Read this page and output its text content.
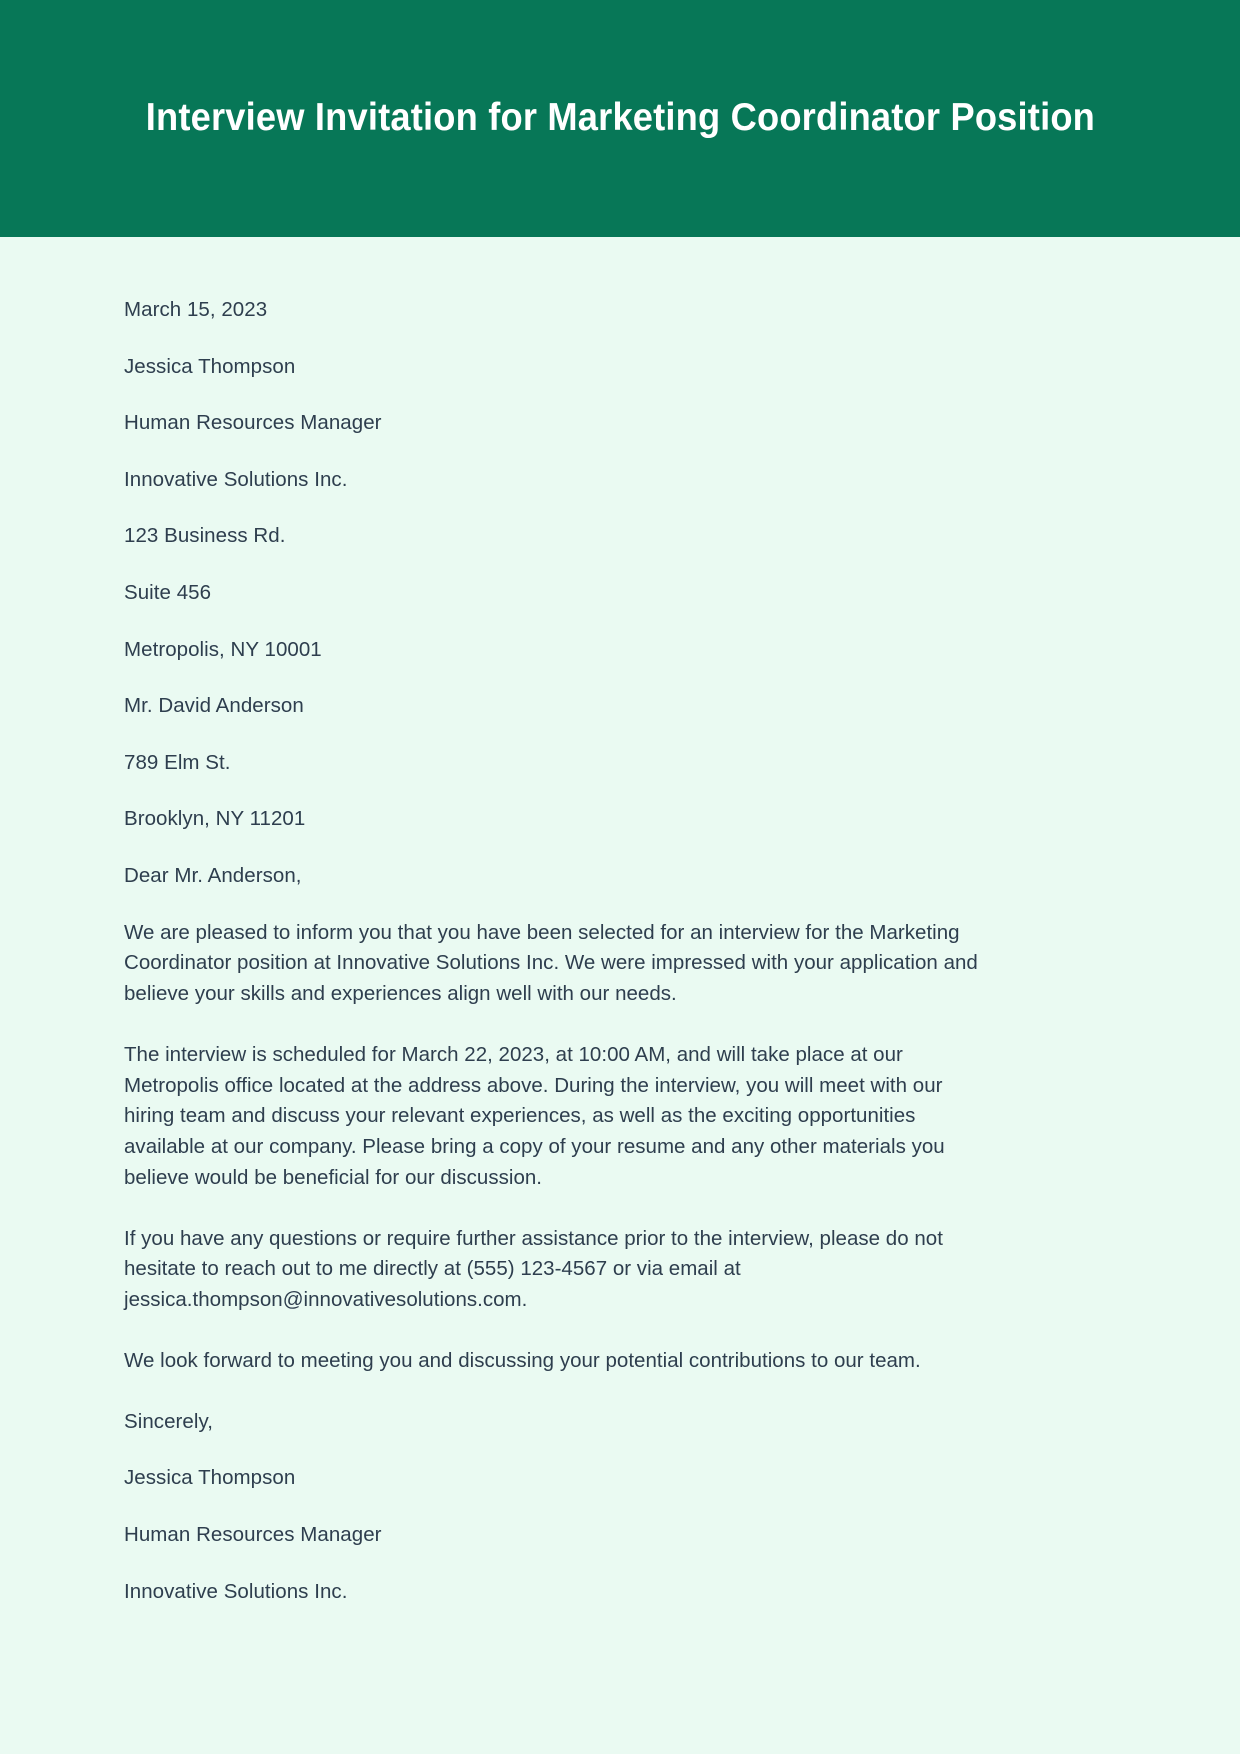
Interview Invitation for Marketing Coordinator Position

March 15, 2023

Jessica Thompson

Human Resources Manager

Innovative Solutions Inc.

123 Business Rd.

Suite 456

Metropolis, NY 10001

Mr. David Anderson

789 Elm St.

Brooklyn, NY 11201

Dear Mr. Anderson,

We are pleased to inform you that you have been selected for an interview for the Marketing Coordinator position at Innovative Solutions Inc. We were impressed with your application and believe your skills and experiences align well with our needs.

The interview is scheduled for March 22, 2023, at 10:00 AM, and will take place at our Metropolis office located at the address above. During the interview, you will meet with our hiring team and discuss your relevant experiences, as well as the exciting opportunities available at our company. Please bring a copy of your resume and any other materials you believe would be beneficial for our discussion.

If you have any questions or require further assistance prior to the interview, please do not hesitate to reach out to me directly at (555) 123-4567 or via email at jessica.thompson@innovativesolutions.com.

We look forward to meeting you and discussing your potential contributions to our team.

Sincerely,

Jessica Thompson

Human Resources Manager

Innovative Solutions Inc.
